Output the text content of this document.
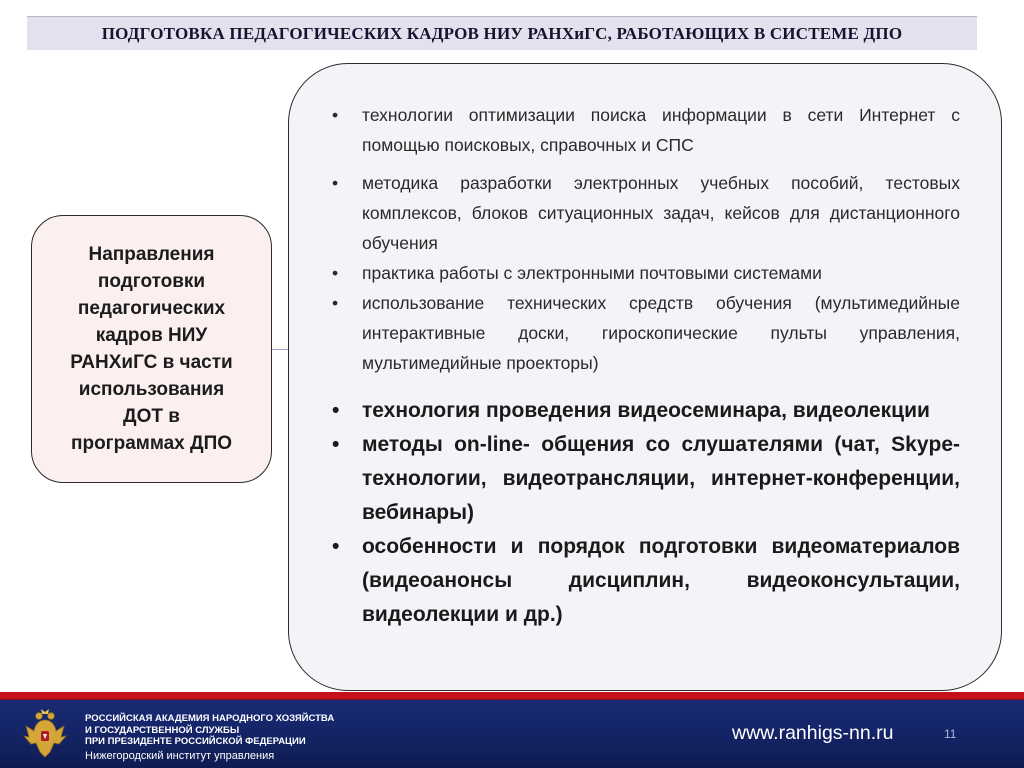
ПОДГОТОВКА ПЕДАГОГИЧЕСКИХ КАДРОВ НИУ РАНХиГС, РАБОТАЮЩИХ В СИСТЕМЕ ДПО
Направления
подготовки
педагогических
кадров НИУ
РАНХиГС в части
использования
ДОТ в
программах ДПО
• технологии оптимизации поиска информации в сети Интернет с помощью поисковых, справочных и СПС
• методика разработки электронных учебных пособий, тестовых комплексов, блоков ситуационных задач, кейсов для дистанционного обучения
• практика работы с электронными почтовыми системами
• использование технических средств обучения (мультимедийные интерактивные доски, гироскопические пульты управления, мультимедийные проекторы)
• технология проведения видеосеминара, видеолекции
• методы on-line- общения со слушателями (чат, Skype-технологии, видеотрансляции, интернет-конференции, вебинары)
• особенности и порядок подготовки видеоматериалов (видеоанонсы дисциплин, видеоконсультации, видеолекции и др.)
РОССИЙСКАЯ АКАДЕМИЯ НАРОДНОГО ХОЗЯЙСТВА
И ГОСУДАРСТВЕННОЙ СЛУЖБЫ
ПРИ ПРЕЗИДЕНТЕ РОССИЙСКОЙ ФЕДЕРАЦИИ
Нижегородский институт управления
www.ranhigs-nn.ru	11
